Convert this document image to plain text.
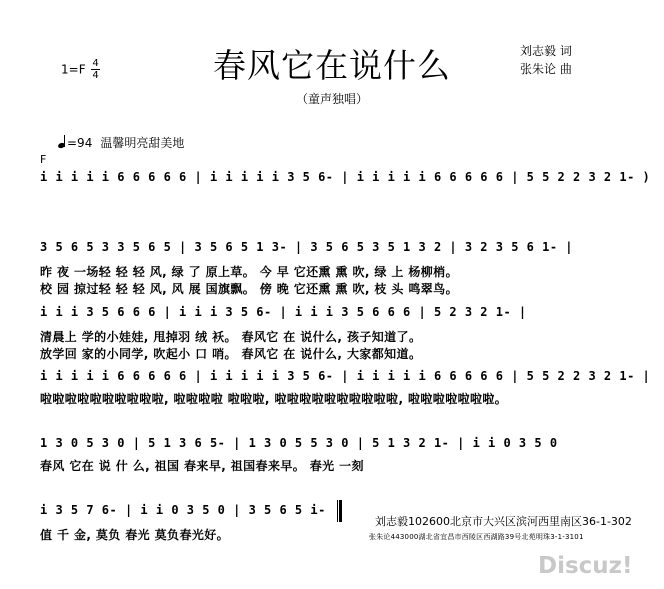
$1=F \frac{4}{4}$	春风它在说什么
（童声独唱）
刘志毅 词
张朱论 曲
=94 温馨明亮甜美地
F
i i i i i 6 6 6 6 6 | i i i i i 3 5 6- | i i i i i 6 6 6 6 6 | 5 5 2 2 3 2 1- )
3 5 6 5 3 3 5 6 5 | 3 5 6 5 1 3- | 3 5 6 5 3 5 1 3 2 | 3 2 3 5 6 1- |
昨 夜 一场轻 轻 轻 风, 绿 了 原上草。 今 早 它还熏 熏 吹, 绿 上 杨柳梢。
校 园 掠过轻 轻 轻 风, 风 展 国旗飘。 傍 晚 它还熏 熏 吹, 枝 头 鸣翠鸟。
i i i 3 5 6 6 6 | i i i 3 5 6- | i i i 3 5 6 6 6 | 5 2 3 2 1- |
清晨上 学的小娃娃, 甩掉羽 绒 袄。 春风它 在 说什么, 孩子知道了。
放学回 家的小同学, 吹起小 口 哨。 春风它 在 说什么, 大家都知道。
i i i i i 6 6 6 6 6 | i i i i i 3 5 6- | i i i i i 6 6 6 6 6 | 5 5 2 2 3 2 1- |
啦啦啦啦啦啦啦啦啦啦, 啦啦啦啦 啦啦啦, 啦啦啦啦啦啦啦啦啦啦, 啦啦啦啦啦啦啦。
1 3 0 5 3 0 | 5 1 3 6 5- | 1 3 0 5 5 3 0 | 5 1 3 2 1- | i i 0 3 5 0
春风 它在 说 什 么, 祖国 春来早, 祖国春来早。 春光 一刻
i 3 5 7 6- | i i 0 3 5 0 | 3 5 6 5 i-
值 千 金, 莫负 春光 莫负春光好。
刘志毅102600北京市大兴区滨河西里南区36-1-302
张朱论443000湖北省宜昌市西陵区西湖路39号北苑明珠3-1-3101
Discuz!
